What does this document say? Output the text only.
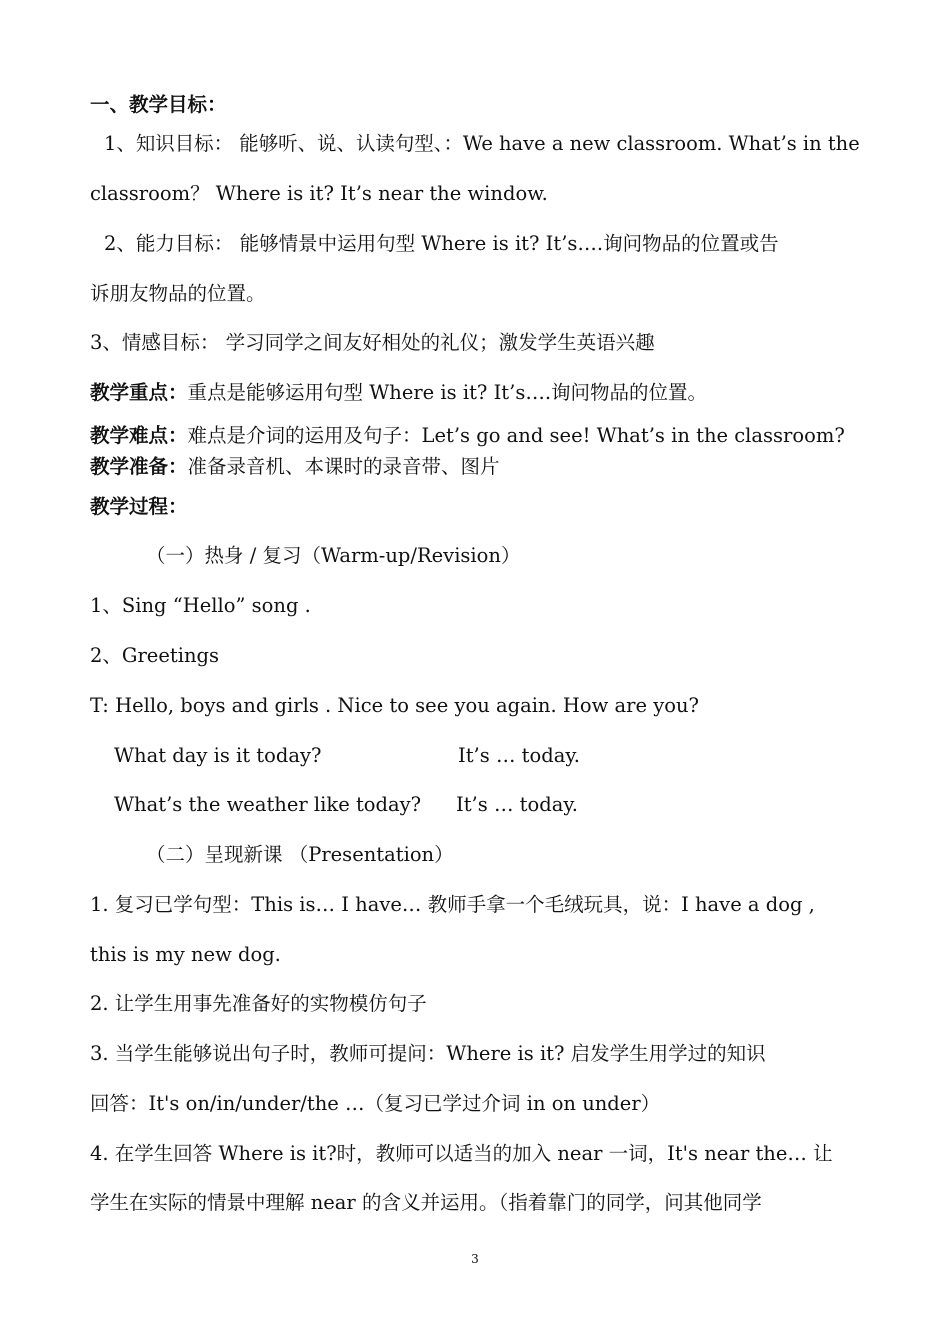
一、教学目标：

1、知识目标： 能够听、说、认读句型、：We have a new classroom. What’s in the

classroom？ Where is it? It’s near the window.

2、能力目标： 能够情景中运用句型 Where is it? It’s….询问物品的位置或告

诉朋友物品的位置。

3、情感目标： 学习同学之间友好相处的礼仪；激发学生英语兴趣

教学重点：重点是能够运用句型 Where is it? It’s….询问物品的位置。

教学难点：难点是介词的运用及句子：Let’s go and see! What’s in the classroom?

教学准备：准备录音机、本课时的录音带、图片

教学过程：

（一）热身 / 复习（Warm-up/Revision）

1、Sing “Hello” song .

2、Greetings

T: Hello, boys and girls . Nice to see you again. How are you?

What day is it today?	It’s … today.

What’s the weather like today? It’s … today.

（二）呈现新课 （Presentation）

1. 复习已学句型：This is… I have… 教师手拿一个毛绒玩具，说：I have a dog ,

this is my new dog.

2. 让学生用事先准备好的实物模仿句子

3. 当学生能够说出句子时，教师可提问：Where is it? 启发学生用学过的知识

回答：It's on/in/under/the …（复习已学过介词 in on under）

4. 在学生回答 Where is it?时，教师可以适当的加入 near 一词，It's near the… 让

学生在实际的情景中理解 near 的含义并运用。（指着靠门的同学，问其他同学

3
